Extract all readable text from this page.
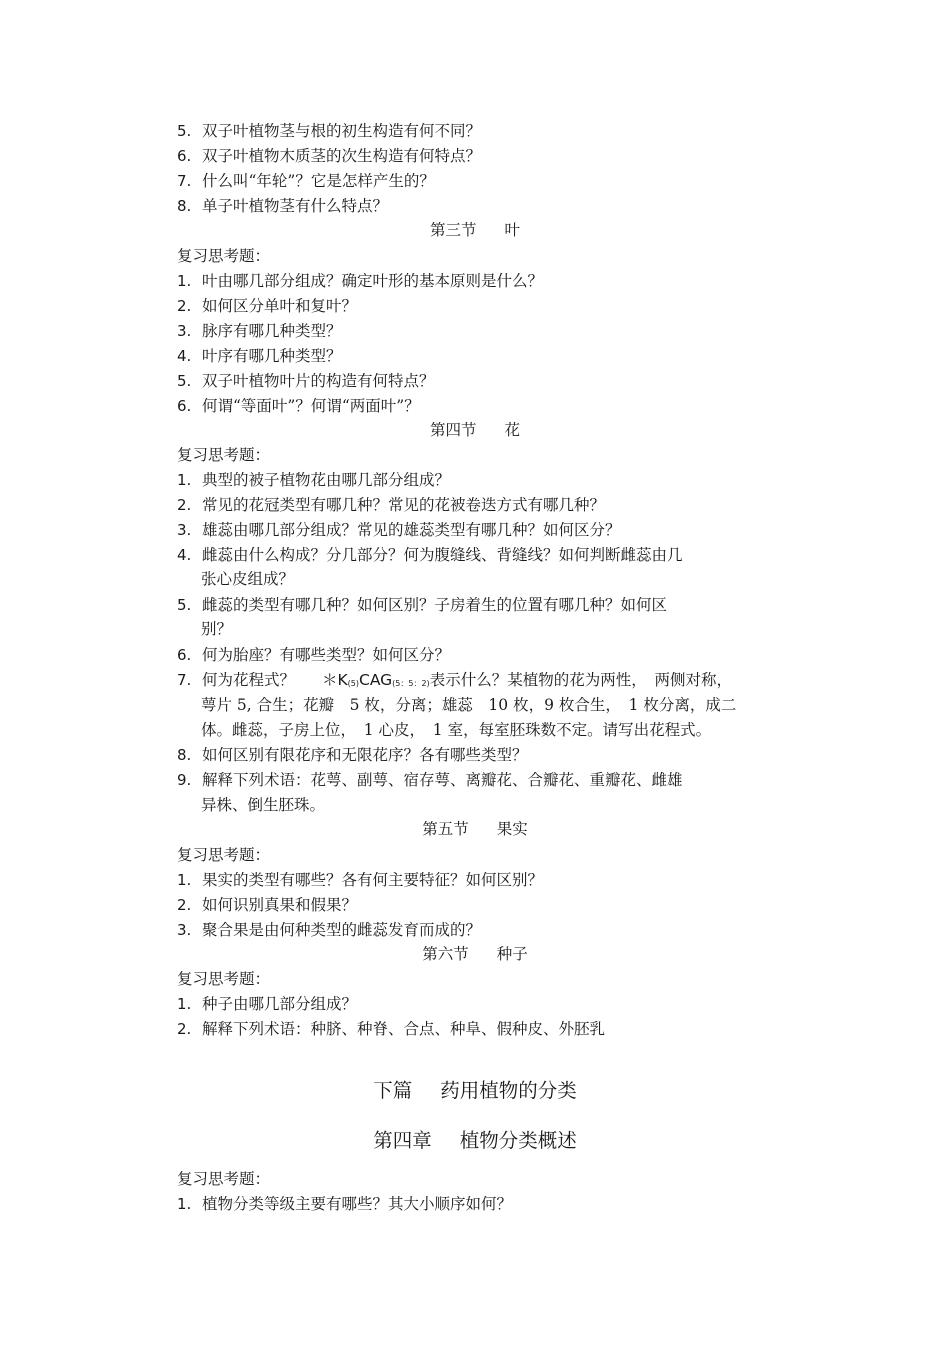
5. 双子叶植物茎与根的初生构造有何不同？
6. 双子叶植物木质茎的次生构造有何特点？
7. 什么叫“年轮”？它是怎样产生的？
8. 单子叶植物茎有什么特点？
第三节 叶
复习思考题：
1. 叶由哪几部分组成？确定叶形的基本原则是什么？
2. 如何区分单叶和复叶？
3. 脉序有哪几种类型？
4. 叶序有哪几种类型？
5. 双子叶植物叶片的构造有何特点？
6. 何谓“等面叶”？何谓“两面叶”？
第四节 花
复习思考题：
1. 典型的被子植物花由哪几部分组成？
2. 常见的花冠类型有哪几种？常见的花被卷迭方式有哪几种？
3. 雄蕊由哪几部分组成？常见的雄蕊类型有哪几种？如何区分？
4. 雌蕊由什么构成？分几部分？何为腹缝线、背缝线？如何判断雌蕊由几
张心皮组成？
5. 雌蕊的类型有哪几种？如何区别？子房着生的位置有哪几种？如何区
别？
6. 何为胎座？有哪些类型？如何区分？
7. 何为花程式？ ＊K(5)CAG(5：5：2)表示什么？某植物的花为两性，　两侧对称，
萼片 5, 合生；花瓣　5 枚，分离；雄蕊　10 枚，9 枚合生，　1 枚分离，成二
体。雌蕊，子房上位，　1 心皮，　1 室，每室胚珠数不定。请写出花程式。
8. 如何区别有限花序和无限花序？各有哪些类型？
9. 解释下列术语：花萼、副萼、宿存萼、离瓣花、合瓣花、重瓣花、雌雄
异株、倒生胚珠。
第五节 果实
复习思考题：
1. 果实的类型有哪些？各有何主要特征？如何区别？
2. 如何识别真果和假果？
3. 聚合果是由何种类型的雌蕊发育而成的？
第六节 种子
复习思考题：
1. 种子由哪几部分组成？
2. 解释下列术语：种脐、种脊、合点、种阜、假种皮、外胚乳
下篇 药用植物的分类
第四章 植物分类概述
复习思考题：
1. 植物分类等级主要有哪些？其大小顺序如何？
